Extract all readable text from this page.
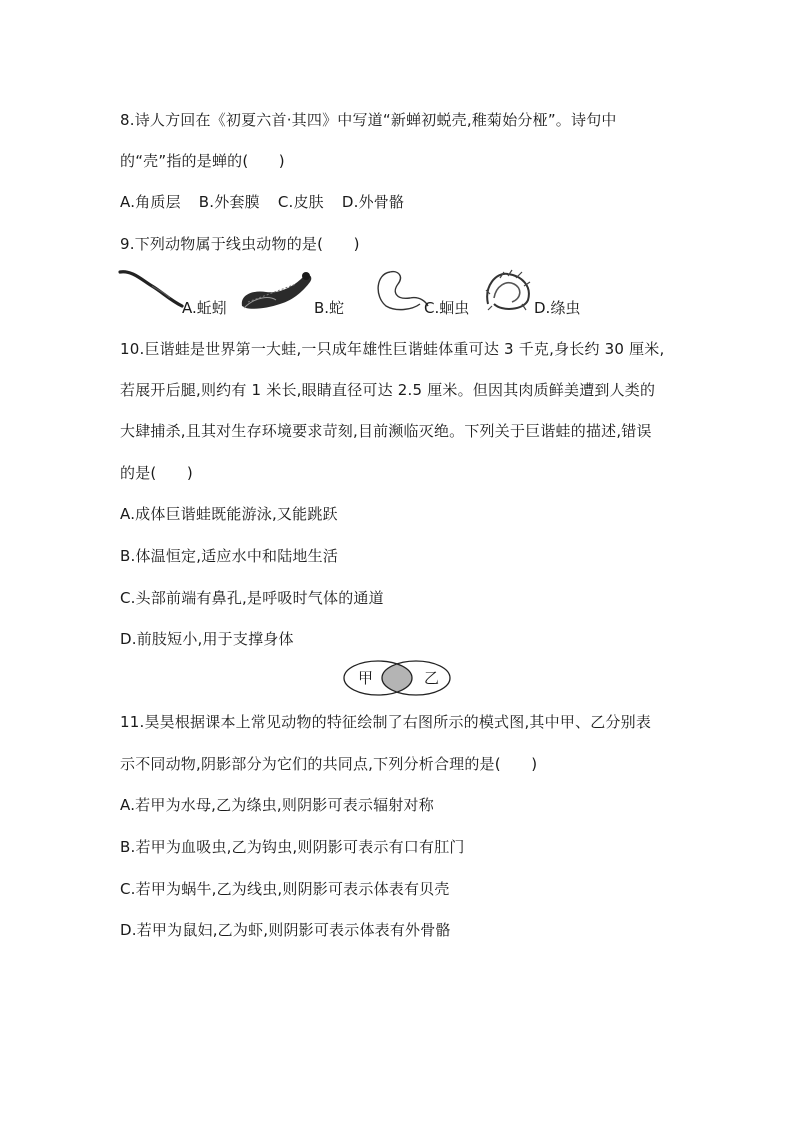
8.诗人方回在《初夏六首·其四》中写道“新蝉初蜕壳,稚菊始分桠”。诗句中
的“壳”指的是蝉的(　　)
A.角质层 B.外套膜 C.皮肤 D.外骨骼
9.下列动物属于线虫动物的是(　　)
A.蚯蚓	B.蛇	C.蛔虫	D.绦虫
10.巨谐蛙是世界第一大蛙,一只成年雄性巨谐蛙体重可达 3 千克,身长约 30 厘米,
若展开后腿,则约有 1 米长,眼睛直径可达 2.5 厘米。但因其肉质鲜美遭到人类的
大肆捕杀,且其对生存环境要求苛刻,目前濒临灭绝。下列关于巨谐蛙的描述,错误
的是(　　)
A.成体巨谐蛙既能游泳,又能跳跃
B.体温恒定,适应水中和陆地生活
C.头部前端有鼻孔,是呼吸时气体的通道
D.前肢短小,用于支撑身体
甲	乙
11.昊昊根据课本上常见动物的特征绘制了右图所示的模式图,其中甲、乙分别表
示不同动物,阴影部分为它们的共同点,下列分析合理的是(　　)
A.若甲为水母,乙为绦虫,则阴影可表示辐射对称
B.若甲为血吸虫,乙为钩虫,则阴影可表示有口有肛门
C.若甲为蜗牛,乙为线虫,则阴影可表示体表有贝壳
D.若甲为鼠妇,乙为虾,则阴影可表示体表有外骨骼
